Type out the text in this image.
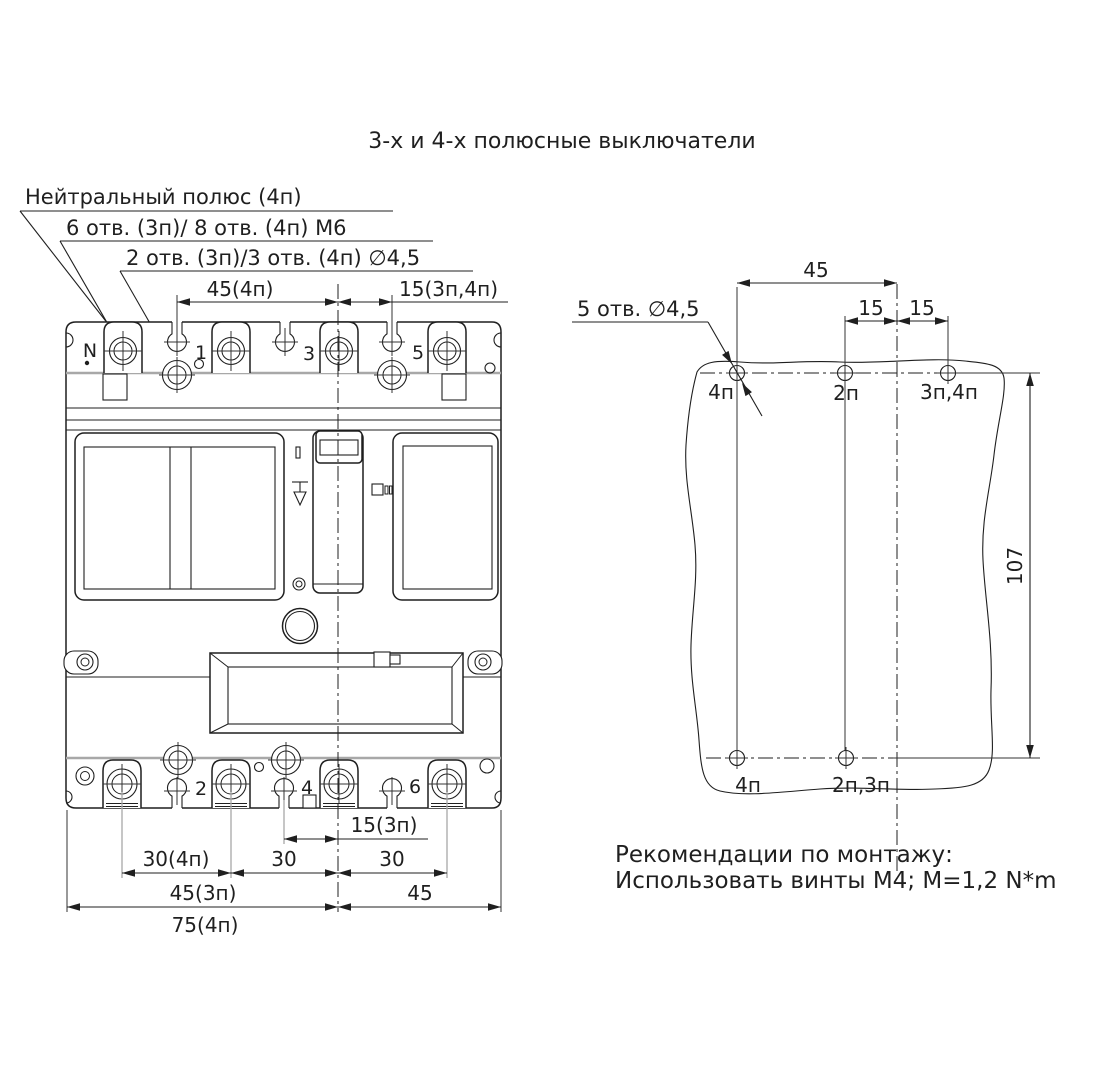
3-х и 4-х полюсные выключатели
Нейтральный полюс (4п)
6 отв. (3п)/ 8 отв. (4п) М6
2 отв. (3п)/3 отв. (4п) ∅4,5
N	1	3	5
2	4	6
45(4п)	15(3п,4п)
15(3п)
30(4п)	30	30
45(3п)	45
75(4п)
5 отв. ∅4,5
45
15 15
107
4п	2п	3п,4п
4п	2п,3п
Рекомендации по монтажу:
Использовать винты М4; М=1,2 N*m
